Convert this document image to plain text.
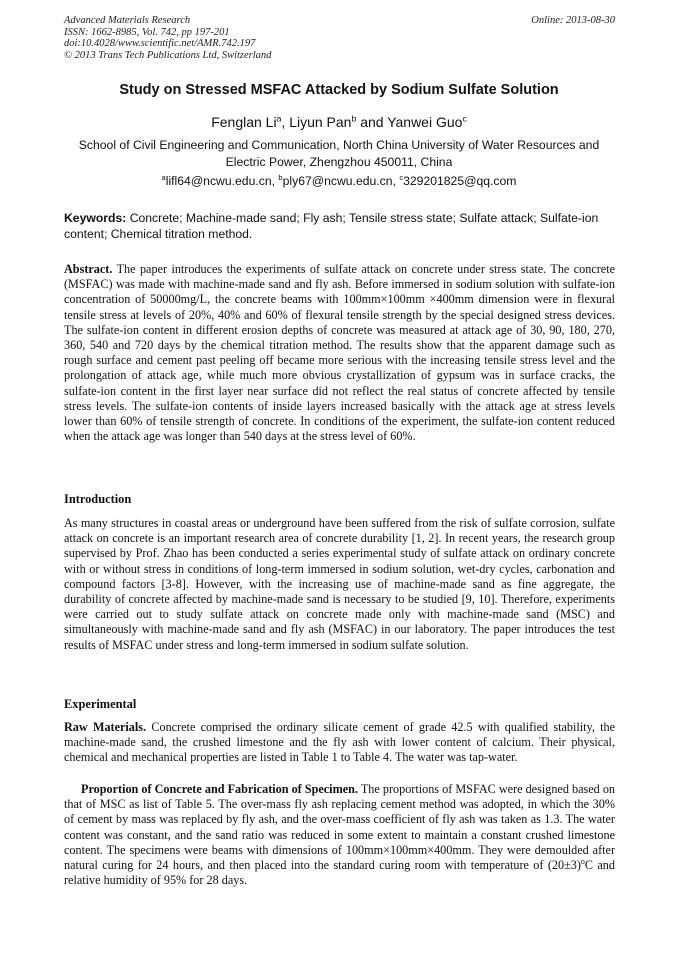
Advanced Materials Research
ISSN: 1662-8985, Vol. 742, pp 197-201
doi:10.4028/www.scientific.net/AMR.742.197
© 2013 Trans Tech Publications Ltd, Switzerland
Online: 2013-08-30
Study on Stressed MSFAC Attacked by Sodium Sulfate Solution
Fenglan Li$^a$, Liyun Pan$^b$ and Yanwei Guo$^c$
School of Civil Engineering and Communication, North China University of Water Resources and Electric Power, Zhengzhou 450011, China
$^a$lifl64@ncwu.edu.cn, $^b$ply67@ncwu.edu.cn, $^c$329201825@qq.com
Keywords: Concrete; Machine-made sand; Fly ash; Tensile stress state; Sulfate attack; Sulfate-ion content; Chemical titration method.
Abstract. The paper introduces the experiments of sulfate attack on concrete under stress state. The concrete (MSFAC) was made with machine-made sand and fly ash. Before immersed in sodium solution with sulfate-ion concentration of 50000mg/L, the concrete beams with 100mm×100mm ×400mm dimension were in flexural tensile stress at levels of 20%, 40% and 60% of flexural tensile strength by the special designed stress devices. The sulfate-ion content in different erosion depths of concrete was measured at attack age of 30, 90, 180, 270, 360, 540 and 720 days by the chemical titration method. The results show that the apparent damage such as rough surface and cement past peeling off became more serious with the increasing tensile stress level and the prolongation of attack age, while much more obvious crystallization of gypsum was in surface cracks, the sulfate-ion content in the first layer near surface did not reflect the real status of concrete affected by tensile stress levels. The sulfate-ion contents of inside layers increased basically with the attack age at stress levels lower than 60% of tensile strength of concrete. In conditions of the experiment, the sulfate-ion content reduced when the attack age was longer than 540 days at the stress level of 60%.
Introduction
As many structures in coastal areas or underground have been suffered from the risk of sulfate corrosion, sulfate attack on concrete is an important research area of concrete durability [1, 2]. In recent years, the research group supervised by Prof. Zhao has been conducted a series experimental study of sulfate attack on ordinary concrete with or without stress in conditions of long-term immersed in sodium solution, wet-dry cycles, carbonation and compound factors [3-8]. However, with the increasing use of machine-made sand as fine aggregate, the durability of concrete affected by machine-made sand is necessary to be studied [9, 10]. Therefore, experiments were carried out to study sulfate attack on concrete made only with machine-made sand (MSC) and simultaneously with machine-made sand and fly ash (MSFAC) in our laboratory. The paper introduces the test results of MSFAC under stress and long-term immersed in sodium sulfate solution.
Experimental
Raw Materials. Concrete comprised the ordinary silicate cement of grade 42.5 with qualified stability, the machine-made sand, the crushed limestone and the fly ash with lower content of calcium. Their physical, chemical and mechanical properties are listed in Table 1 to Table 4. The water was tap-water.
Proportion of Concrete and Fabrication of Specimen. The proportions of MSFAC were designed based on that of MSC as list of Table 5. The over-mass fly ash replacing cement method was adopted, in which the 30% of cement by mass was replaced by fly ash, and the over-mass coefficient of fly ash was taken as 1.3. The water content was constant, and the sand ratio was reduced in some extent to maintain a constant crushed limestone content. The specimens were beams with dimensions of 100mm×100mm×400mm. They were demoulded after natural curing for 24 hours, and then placed into the standard curing room with temperature of $(20\pm 3)^oC$ and relative humidity of 95% for 28 days.
